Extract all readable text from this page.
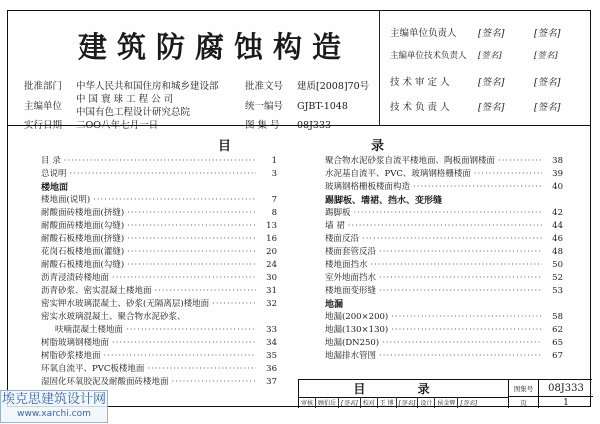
建筑防腐蚀构造
批准部门 中华人民共和国住房和城乡建设部
主编单位
中 国 寰 球 工 程 公 司
中国有色工程设计研究总院
实行日期 二OO八年七月一日
批准文号 建质[2008]70号
统一编号 GJBT-1048
图 集 号 08J333
主编单位负责人 [签名]	[签名]
主编单位技术负责人 [签名]	[签名]
技 术 审 定 人	[签名]	[签名]
技 术 负 责 人	[签名]	[签名]
目	录
目 录 ·····	1
总说明 ·····	3
楼地面
楼地面(说明) ·····	7
耐酸面砖楼地面(挤缝) ·····	8
耐酸面砖楼地面(勾缝) ·····	13
耐酸石板楼地面(挤缝) ·····	16
花岗石板楼地面(灌缝) ·····	20
耐酸石板楼地面(勾缝) ·····	24
沥青浸渍砖楼地面 ·····	30
沥青砂浆、密实混凝土楼地面 ·····	31
密实钾水玻璃混凝土、砂浆(无隔离层)楼地面 ·····	32
密实水玻璃混凝土、聚合物水泥砂浆、
呋喃混凝土楼地面 ·····	33
树脂玻璃钢楼地面 ·····	34
树脂砂浆楼地面 ·····	35
环氧自流平、PVC板楼地面 ·····	36
湿固化环氧胶泥及耐酸面砖楼地面 ·····	37
聚合物水泥砂浆自流平楼地面、陶板面钢楼面 ·····	38
水泥基自流平、PVC、玻璃钢格栅楼面 ·····	39
玻璃钢格栅板楼面构造 ·····	40
踢脚板、墙裙、挡水、变形缝
踢脚板 ·····	42
墙 裙 ·····	44
楼面反沿 ·····	46
楼面套管反沿 ·····	48
楼地面挡水 ·····	50
室外地面挡水 ·····	52
楼地面变形缝 ·····	53
地漏
地漏(200×200) ·····	58
地漏(130×130) ·····	62
地漏(DN250) ·····	65
地漏排水管图 ·····	67
目 录
审核 顾伯岳 [签名] 校对 王 博 [签名] 设计 侯金辉 [签名]
图集号	08J333
页	1
埃克思建筑设计网
www.xarchi.com
